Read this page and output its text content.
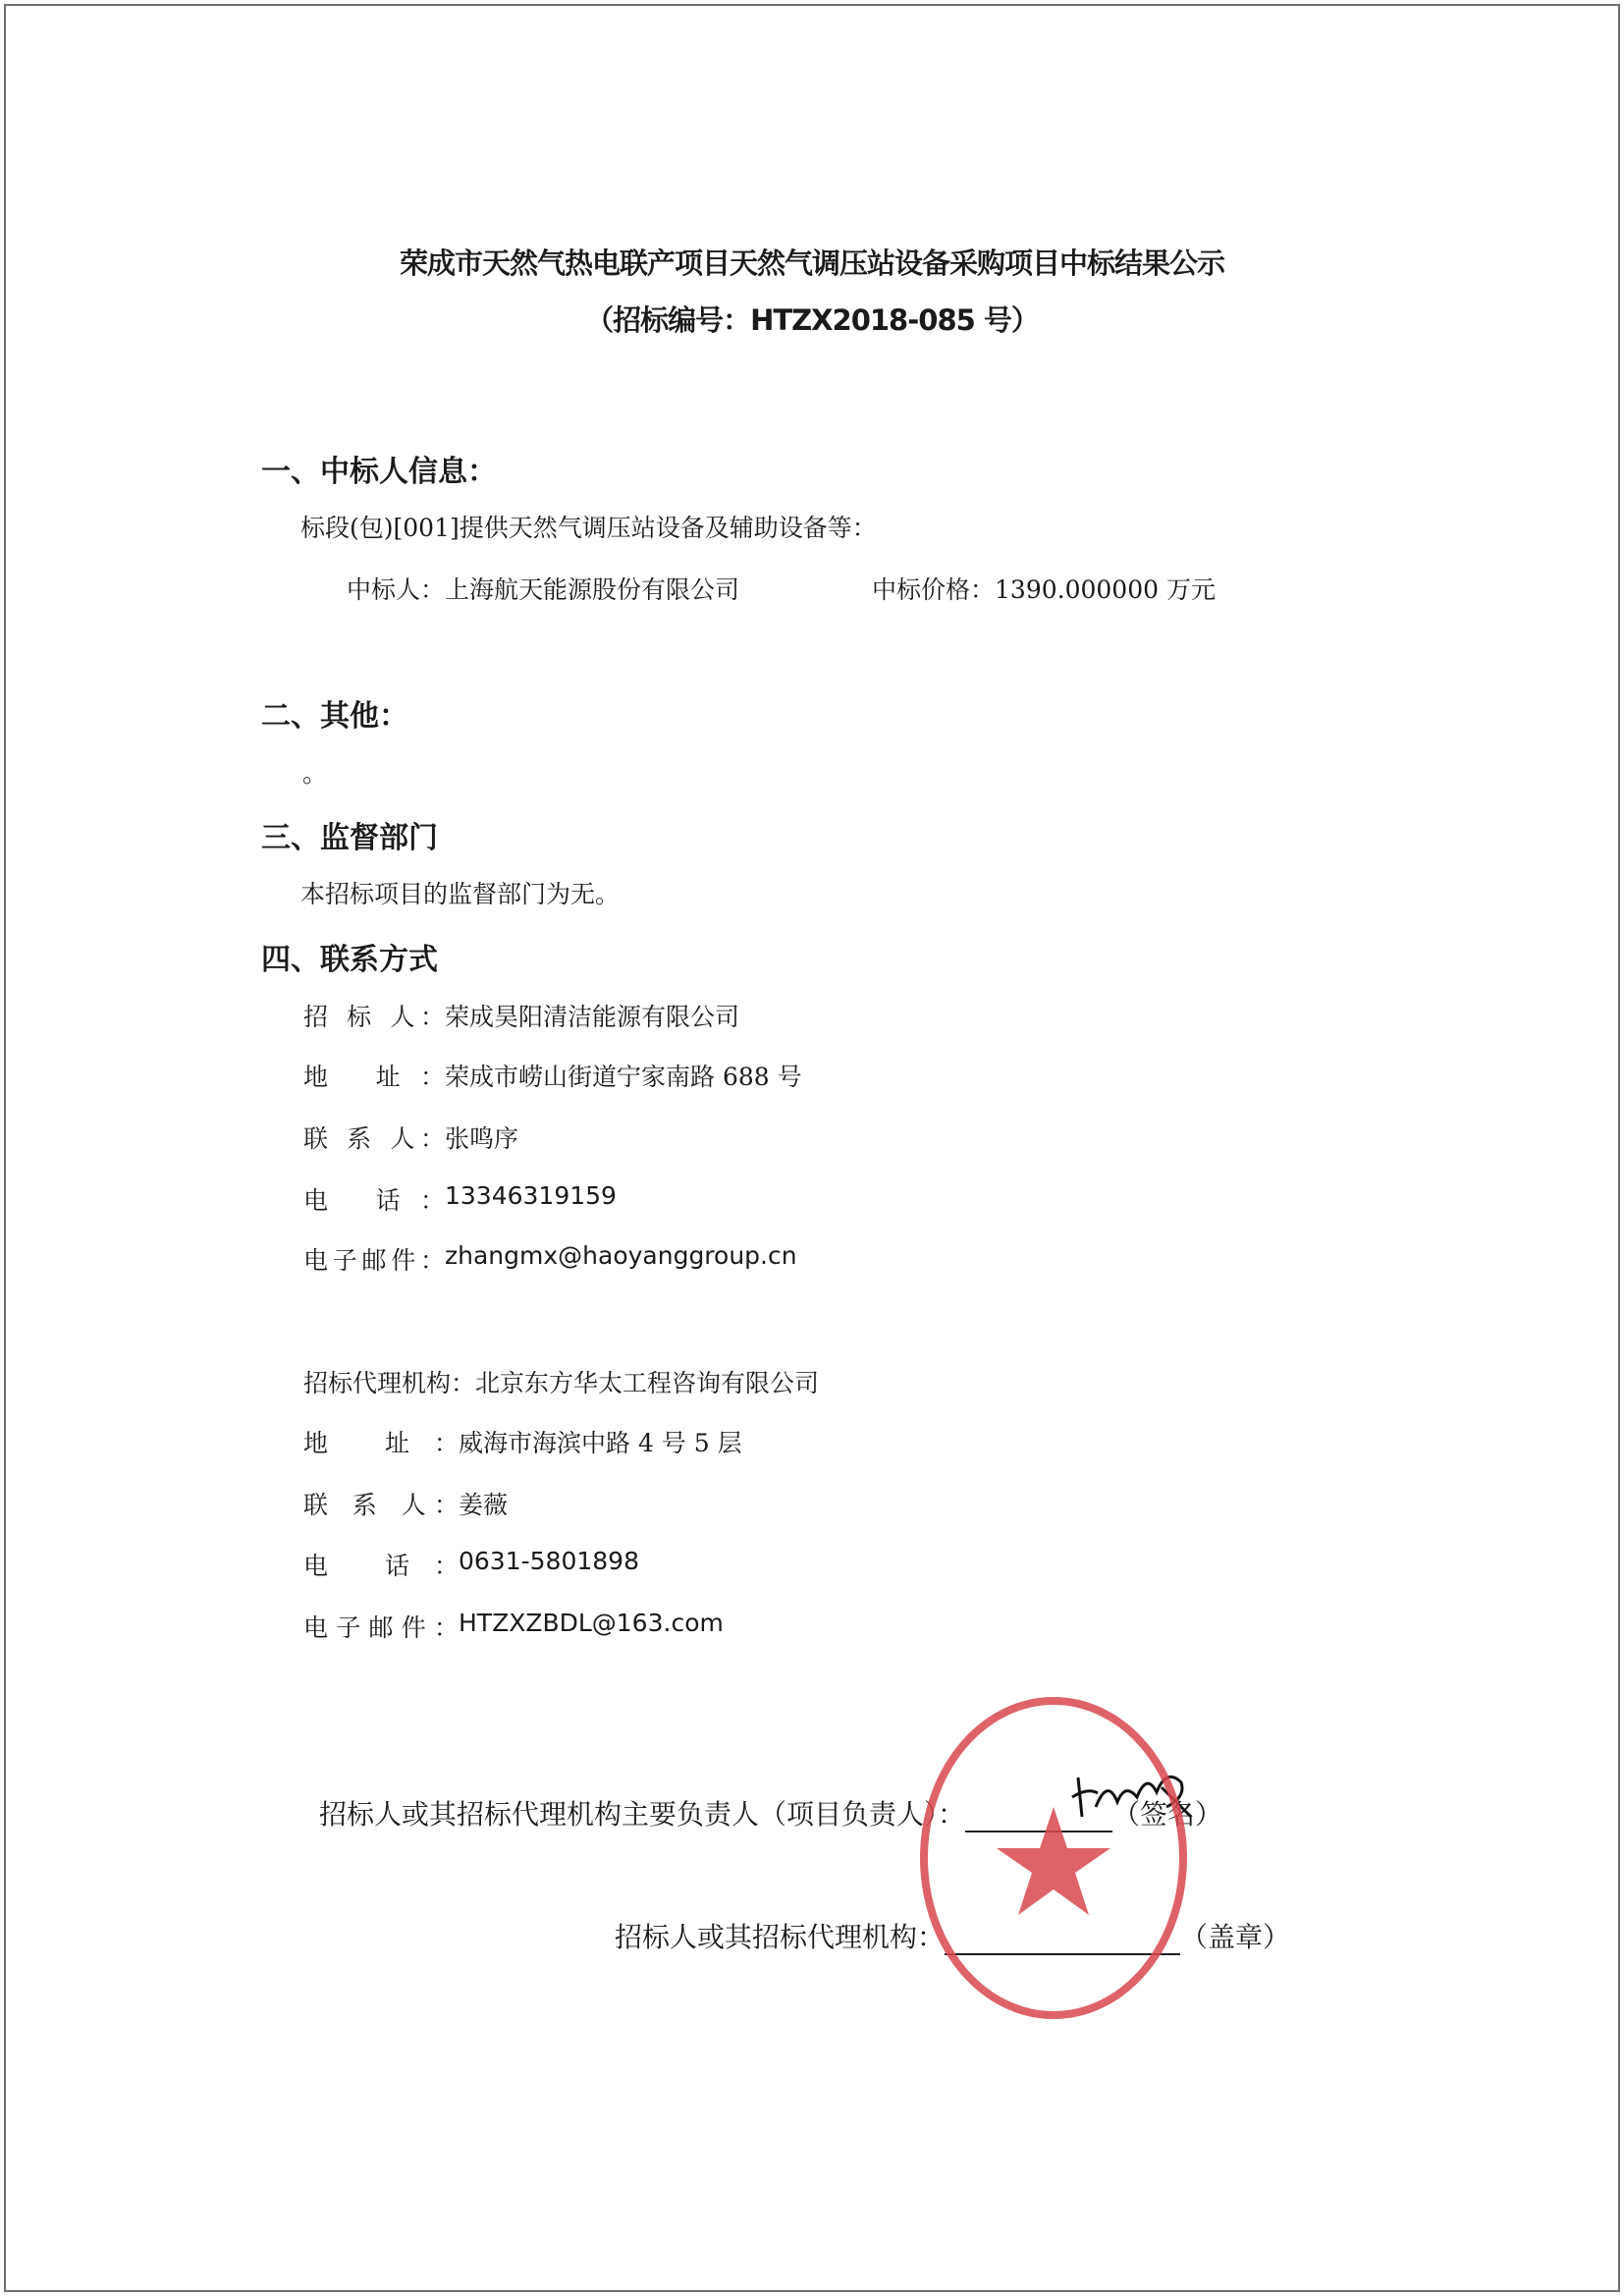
荣成市天然气热电联产项目天然气调压站设备采购项目中标结果公示
（招标编号：HTZX2018-085 号）
一、中标人信息：
标段(包)[001]提供天然气调压站设备及辅助设备等：
中标人：上海航天能源股份有限公司	中标价格：1390.000000 万元
二、其他：
。
三、监督部门
本招标项目的监督部门为无。
四、联系方式
招 标 人： 荣成昊阳清洁能源有限公司
地 址： 荣成市崂山街道宁家南路 688 号
联 系 人： 张鸣序
电 话： 13346319159
电子邮件： zhangmx@haoyanggroup.cn
招标代理机构： 北京东方华太工程咨询有限公司
地 址： 威海市海滨中路 4 号 5 层
联 系 人： 姜薇
电 话： 0631-5801898
电子邮件： HTZXZBDL@163.com
招标人或其招标代理机构主要负责人（项目负责人）：	（签名）
招标人或其招标代理机构：	（盖章）
